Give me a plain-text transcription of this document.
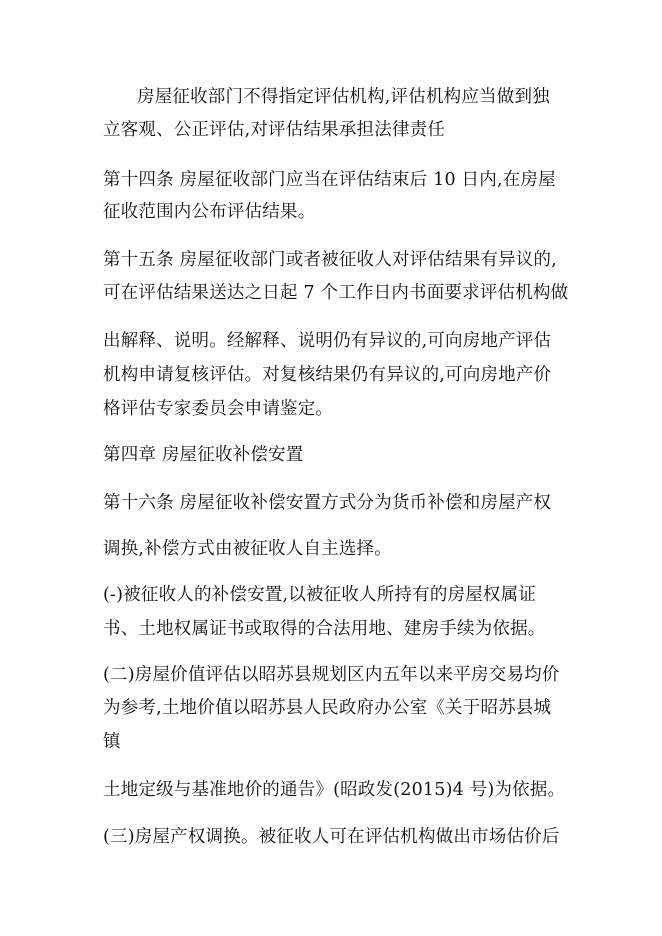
房屋征收部门不得指定评估机构,评估机构应当做到独
立客观、公正评估,对评估结果承担法律责任
第十四条 房屋征收部门应当在评估结束后 10 日内,在房屋
征收范围内公布评估结果。
第十五条 房屋征收部门或者被征收人对评估结果有异议的,
可在评估结果送达之日起 7 个工作日内书面要求评估机构做
出解释、说明。经解释、说明仍有异议的,可向房地产评估
机构申请复核评估。对复核结果仍有异议的,可向房地产价
格评估专家委员会申请鉴定。
第四章 房屋征收补偿安置
第十六条 房屋征收补偿安置方式分为货币补偿和房屋产权
调换,补偿方式由被征收人自主选择。
(-)被征收人的补偿安置,以被征收人所持有的房屋权属证
书、土地权属证书或取得的合法用地、建房手续为依据。
(二)房屋价值评估以昭苏县规划区内五年以来平房交易均价
为参考,土地价值以昭苏县人民政府办公室《关于昭苏县城
镇
土地定级与基准地价的通告》(昭政发(2015)4 号)为依据。
(三)房屋产权调换。被征收人可在评估机构做出市场估价后
